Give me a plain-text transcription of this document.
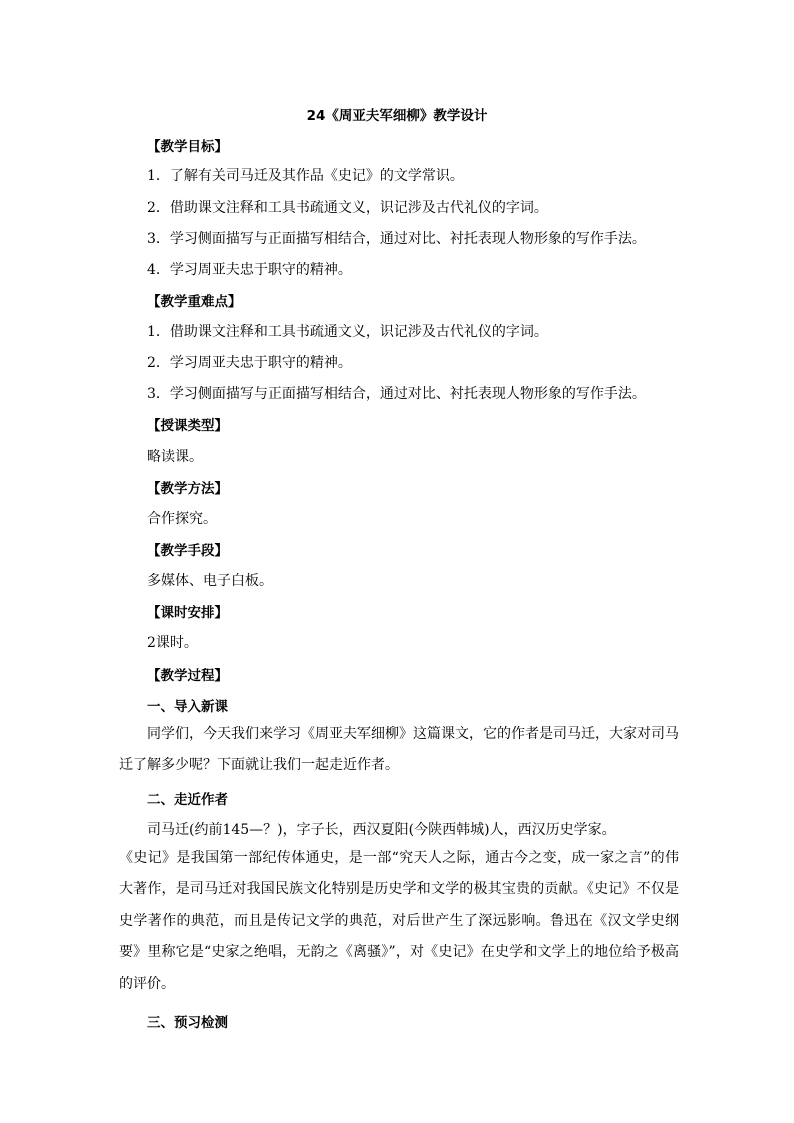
24《周亚夫军细柳》教学设计
【教学目标】
1．了解有关司马迁及其作品《史记》的文学常识。
2．借助课文注释和工具书疏通文义，识记涉及古代礼仪的字词。
3．学习侧面描写与正面描写相结合，通过对比、衬托表现人物形象的写作手法。
4．学习周亚夫忠于职守的精神。
【教学重难点】
1．借助课文注释和工具书疏通文义，识记涉及古代礼仪的字词。
2．学习周亚夫忠于职守的精神。
3．学习侧面描写与正面描写相结合，通过对比、衬托表现人物形象的写作手法。
【授课类型】
略读课。
【教学方法】
合作探究。
【教学手段】
多媒体、电子白板。
【课时安排】
2课时。
【教学过程】
一、导入新课
同学们，今天我们来学习《周亚夫军细柳》这篇课文，它的作者是司马迁，大家对司马迁了解多少呢？下面就让我们一起走近作者。
二、走近作者
司马迁(约前145—？)，字子长，西汉夏阳(今陕西韩城)人，西汉历史学家。
《史记》是我国第一部纪传体通史，是一部“究天人之际，通古今之变，成一家之言”的伟大著作，是司马迁对我国民族文化特别是历史学和文学的极其宝贵的贡献。《史记》不仅是史学著作的典范，而且是传记文学的典范，对后世产生了深远影响。鲁迅在《汉文学史纲要》里称它是“史家之绝唱，无韵之《离骚》”，对《史记》在史学和文学上的地位给予极高的评价。
三、预习检测
